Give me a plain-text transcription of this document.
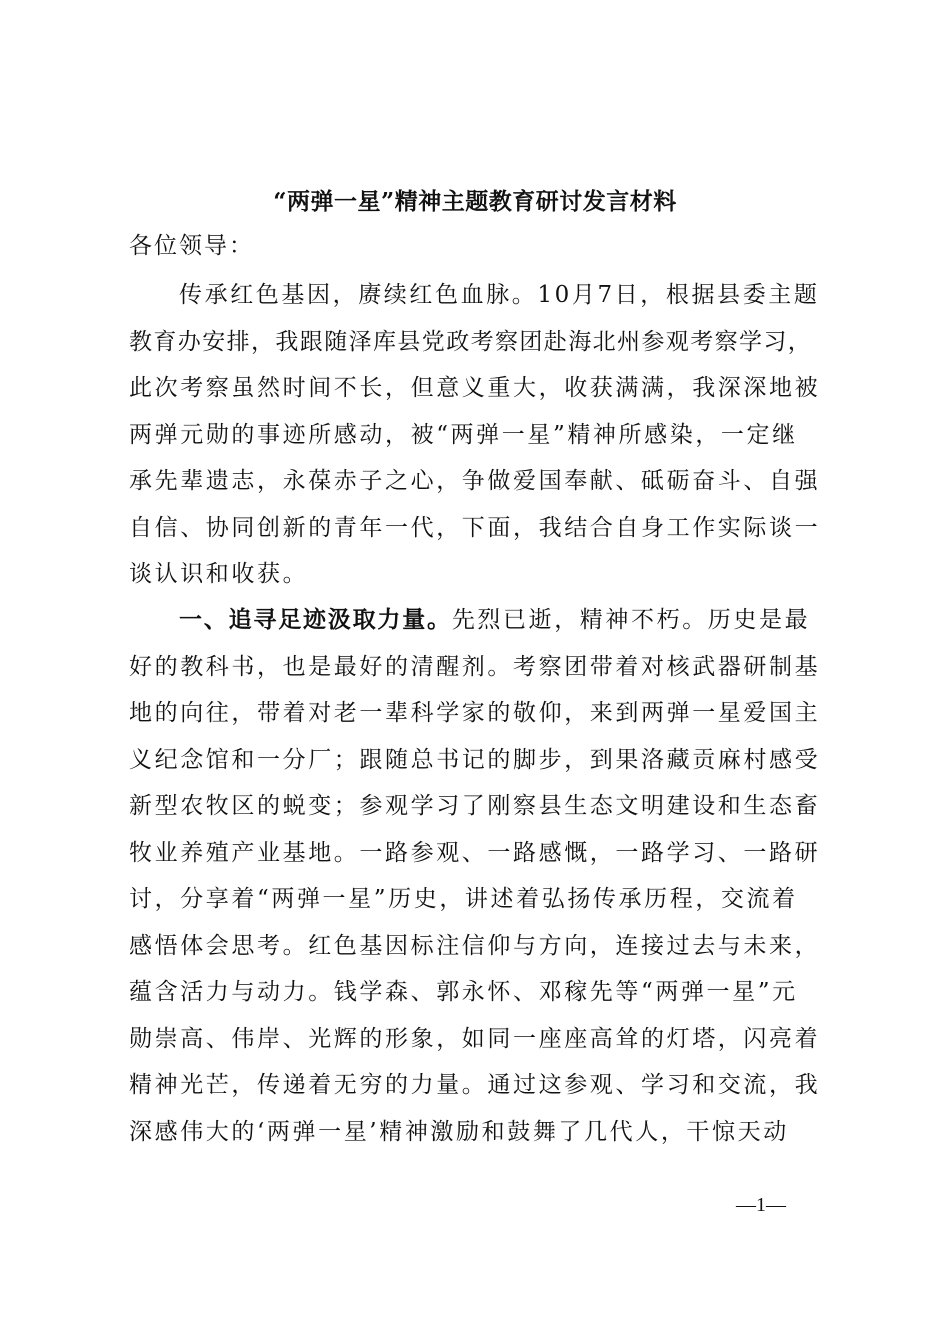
“两弹一星”精神主题教育研讨发言材料
各位领导：
传承红色基因，赓续红色血脉。10月7日，根据县委主题
教育办安排，我跟随泽库县党政考察团赴海北州参观考察学习，
此次考察虽然时间不长，但意义重大，收获满满，我深深地被
两弹元勋的事迹所感动，被“两弹一星”精神所感染，一定继
承先辈遗志，永葆赤子之心，争做爱国奉献、砥砺奋斗、自强
自信、协同创新的青年一代，下面，我结合自身工作实际谈一
谈认识和收获。
一、追寻足迹汲取力量。先烈已逝，精神不朽。历史是最
好的教科书，也是最好的清醒剂。考察团带着对核武器研制基
地的向往，带着对老一辈科学家的敬仰，来到两弹一星爱国主
义纪念馆和一分厂；跟随总书记的脚步，到果洛藏贡麻村感受
新型农牧区的蜕变；参观学习了刚察县生态文明建设和生态畜
牧业养殖产业基地。一路参观、一路感慨，一路学习、一路研
讨，分享着“两弹一星”历史，讲述着弘扬传承历程，交流着
感悟体会思考。红色基因标注信仰与方向，连接过去与未来，
蕴含活力与动力。钱学森、郭永怀、邓稼先等“两弹一星”元
勋崇高、伟岸、光辉的形象，如同一座座高耸的灯塔，闪亮着
精神光芒，传递着无穷的力量。通过这参观、学习和交流，我
深感伟大的‘两弹一星’精神激励和鼓舞了几代人，干惊天动
—1—
